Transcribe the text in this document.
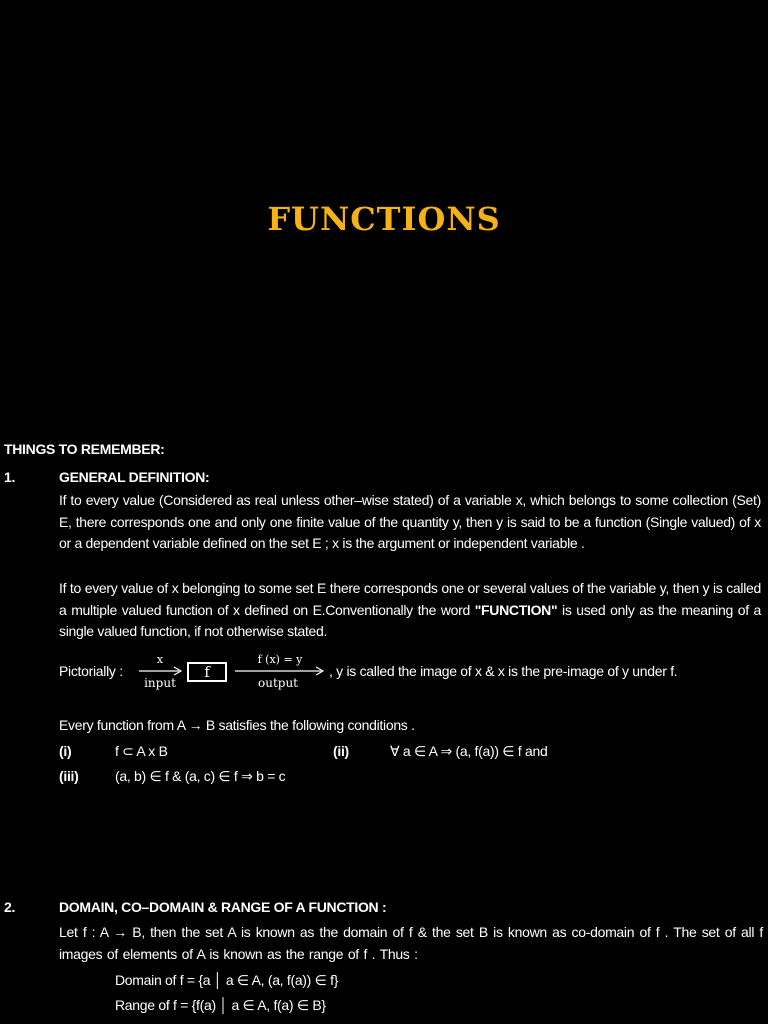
FUNCTIONS
THINGS TO REMEMBER:
1.	GENERAL DEFINITION:
If to every value (Considered as real unless other–wise stated) of a variable x, which belongs to some collection (Set) E, there corresponds one and only one finite value of the quantity y, then y is said to be a function (Single valued) of x or a dependent variable defined on the set E ; x is the argument or independent variable .
If to every value of x belonging to some set E there corresponds one or several values of the variable y, then y is called a multiple valued function of x defined on E.Conventionally the word "FUNCTION" is used only as the meaning of a single valued function, if not otherwise stated.
Pictorially :
x
input
f
f (x) = y
output
, y is called the image of x & x is the pre-image of y under f.
Every function from A → B satisfies the following conditions .
(i)	f ⊂ A x B	(ii)	∀ a ∈ A ⇒ (a, f(a)) ∈ f and
(iii)	(a, b) ∈ f & (a, c) ∈ f ⇒ b = c
2.	DOMAIN, CO–DOMAIN & RANGE OF A FUNCTION :
Let f : A → B, then the set A is known as the domain of f & the set B is known as co-domain of f . The set of all f images of elements of A is known as the range of f . Thus :
Domain of f = {a │ a ∈ A, (a, f(a)) ∈ f}
Range of f = {f(a) │ a ∈ A, f(a) ∈ B}
